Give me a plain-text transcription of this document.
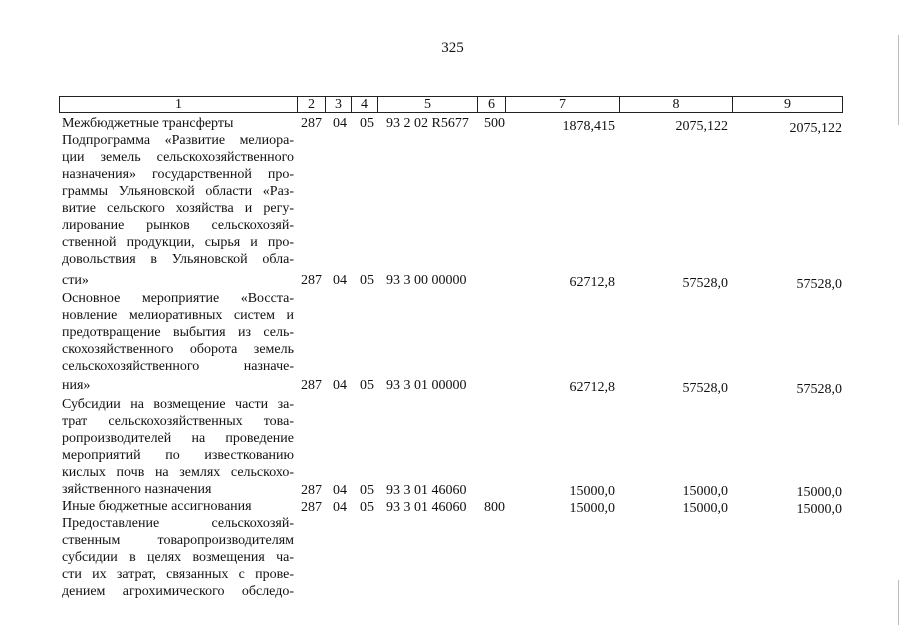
325
1	2	3	4	5	6	7	8	9
Межбюджетные трансферты	287 04 05 93 2 02 R5677 500	1878,415	2075,122	2075,122
Подпрограмма «Развитие мелиора-
ции земель сельскохозяйственного
назначения» государственной про-
граммы Ульяновской области «Раз-
витие сельского хозяйства и регу-
лирование рынков сельскохозяй-
ственной продукции, сырья и про-
довольствия в Ульяновской обла-
сти»	287 04 05 93 3 00 00000	62712,8	57528,0	57528,0
Основное мероприятие «Восста-
новление мелиоративных систем и
предотвращение выбытия из сель-
скохозяйственного оборота земель
сельскохозяйственного назначе-
ния»	287 04 05 93 3 01 00000	62712,8	57528,0	57528,0
Субсидии на возмещение части за-
трат сельскохозяйственных това-
ропроизводителей на проведение
мероприятий по известкованию
кислых почв на землях сельскохо-
зяйственного назначения	287 04 05 93 3 01 46060	15000,0	15000,0	15000,0
Иные бюджетные ассигнования	287 04 05 93 3 01 46060 800	15000,0	15000,0	15000,0
Предоставление сельскохозяй-
ственным товаропроизводителям
субсидии в целях возмещения ча-
сти их затрат, связанных с прове-
дением агрохимического обследо-
